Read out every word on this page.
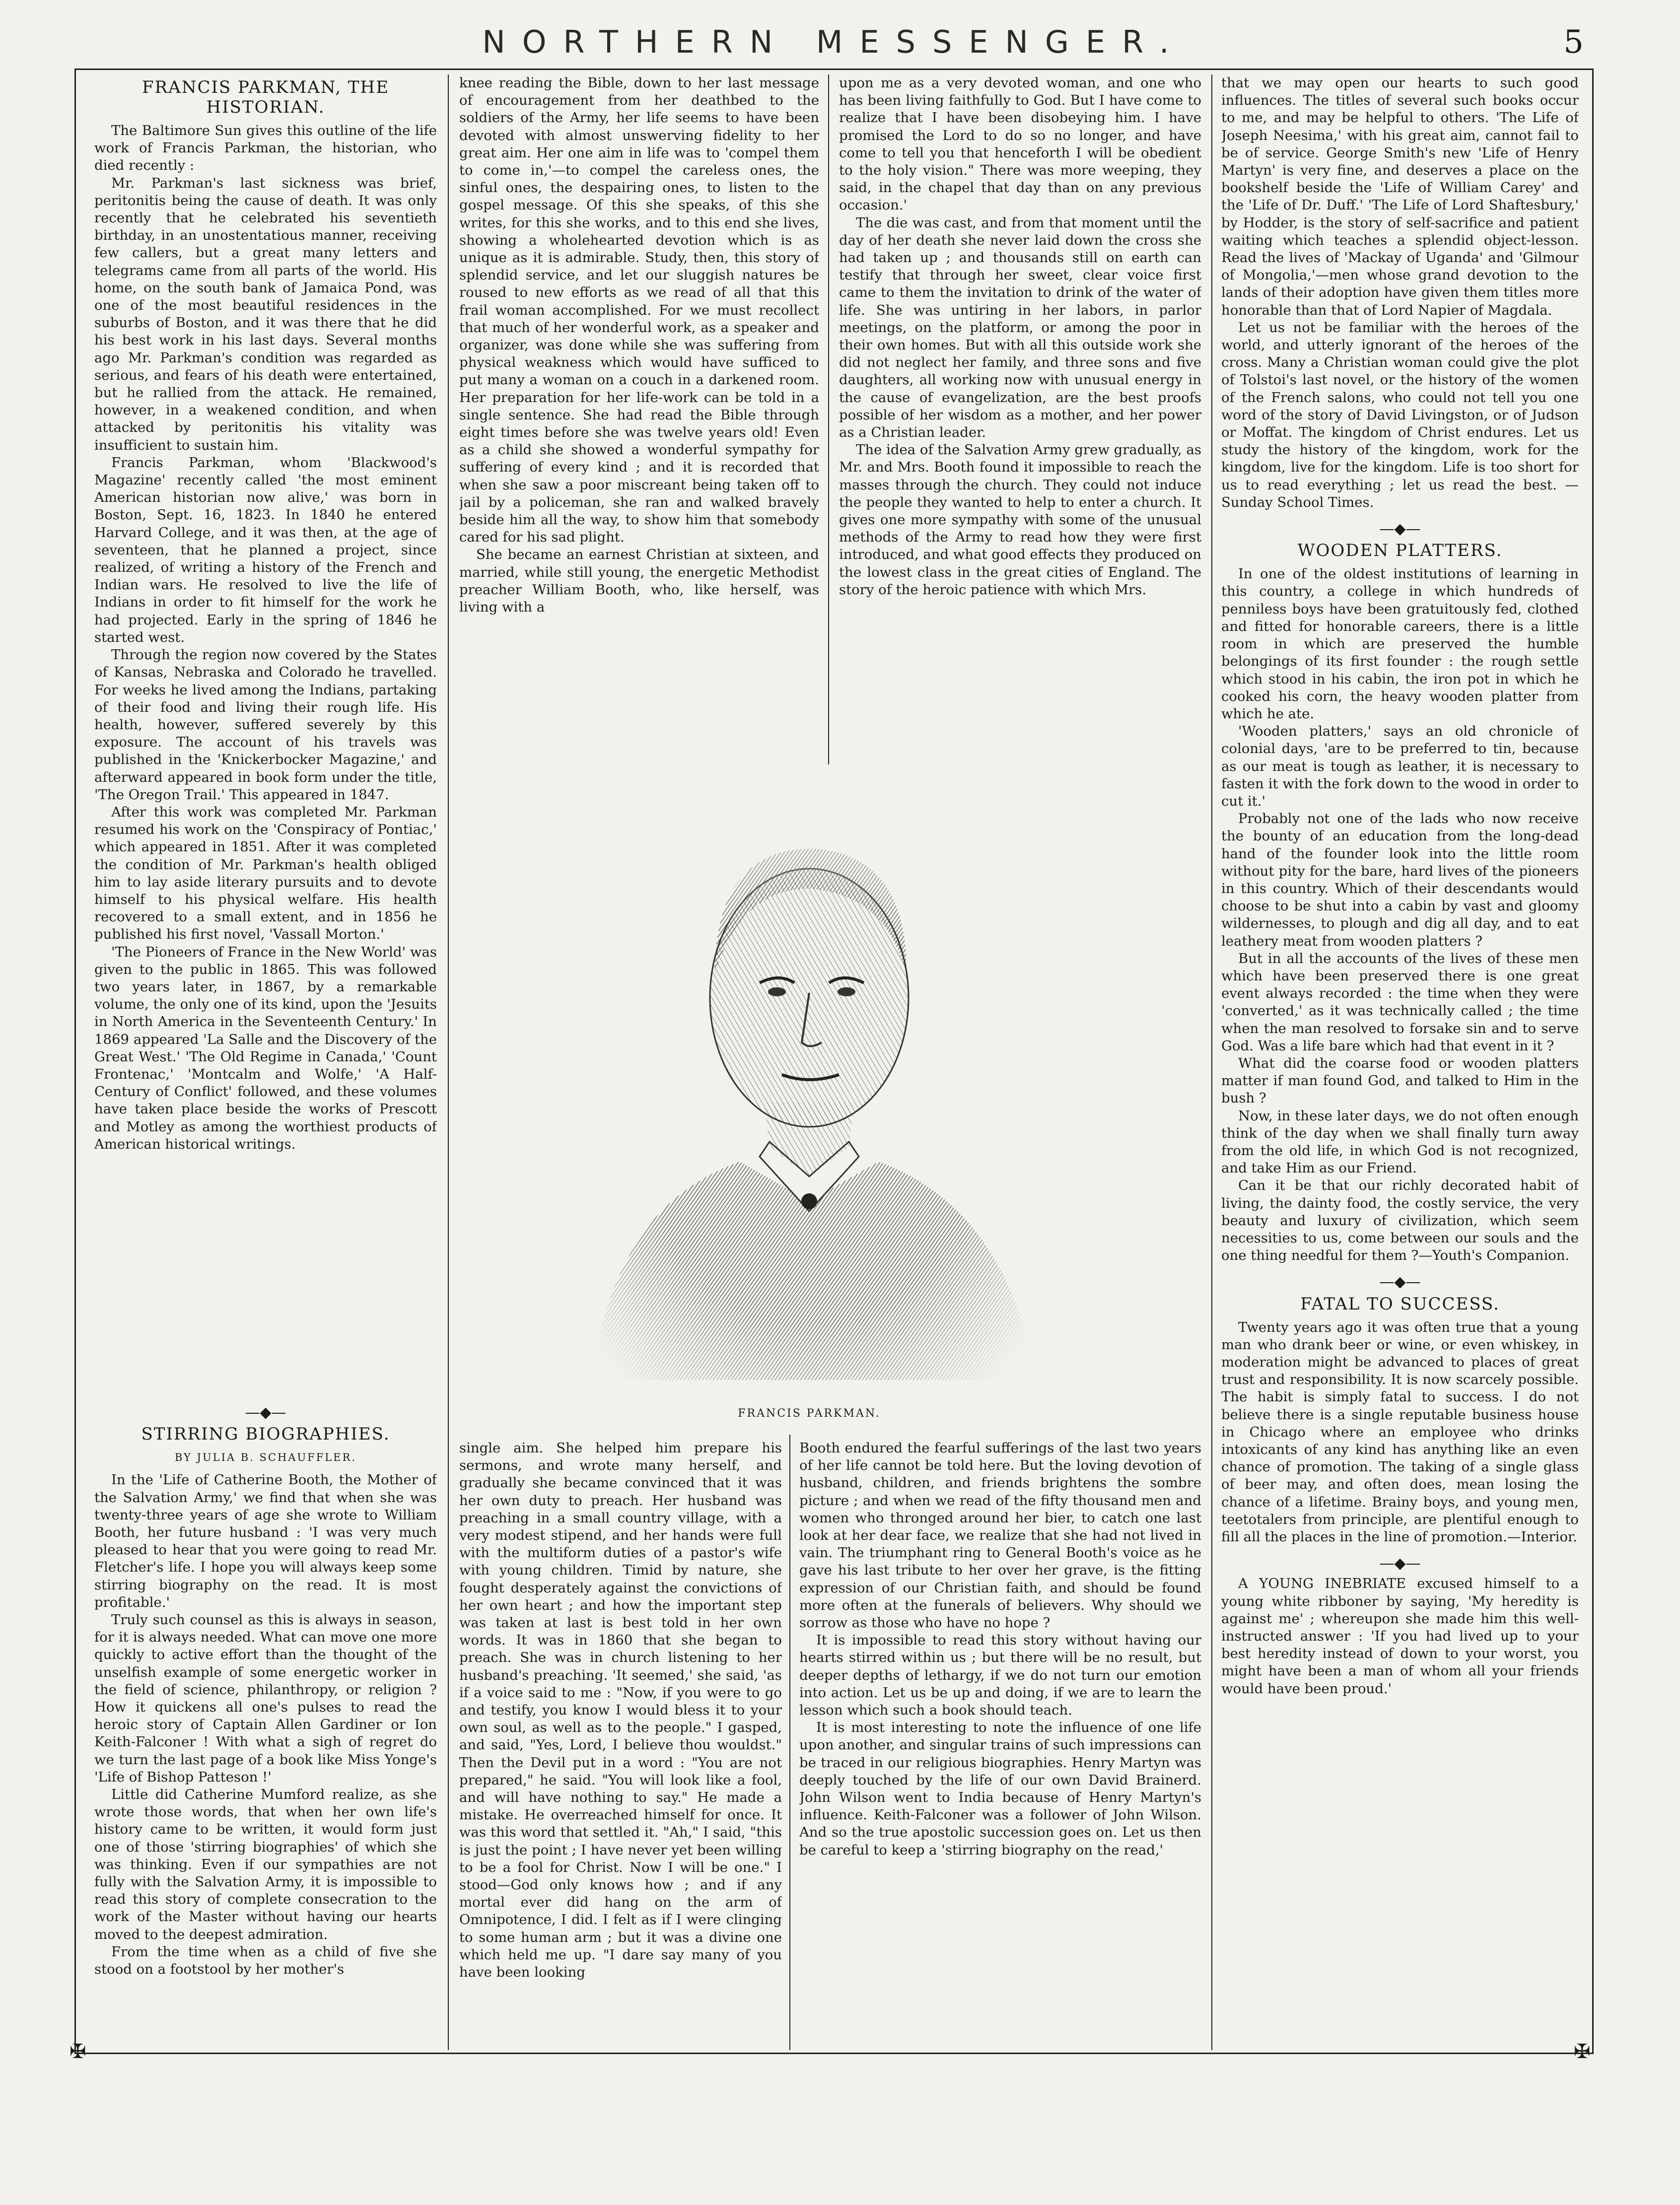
NORTHERN MESSENGER.	5
FRANCIS PARKMAN, THE HISTORIAN.

The Baltimore Sun gives this outline of the life work of Francis Parkman, the historian, who died recently :

Mr. Parkman's last sickness was brief, peritonitis being the cause of death. It was only recently that he celebrated his seventieth birthday, in an unostentatious manner, receiving few callers, but a great many letters and telegrams came from all parts of the world. His home, on the south bank of Jamaica Pond, was one of the most beautiful residences in the suburbs of Boston, and it was there that he did his best work in his last days. Several months ago Mr. Parkman's condition was regarded as serious, and fears of his death were entertained, but he rallied from the attack. He remained, however, in a weakened condition, and when attacked by peritonitis his vitality was insufficient to sustain him.

Francis Parkman, whom 'Blackwood's Magazine' recently called 'the most eminent American historian now alive,' was born in Boston, Sept. 16, 1823. In 1840 he entered Harvard College, and it was then, at the age of seventeen, that he planned a project, since realized, of writing a history of the French and Indian wars. He resolved to live the life of Indians in order to fit himself for the work he had projected. Early in the spring of 1846 he started west.

Through the region now covered by the States of Kansas, Nebraska and Colorado he travelled. For weeks he lived among the Indians, partaking of their food and living their rough life. His health, however, suffered severely by this exposure. The account of his travels was published in the 'Knickerbocker Magazine,' and afterward appeared in book form under the title, 'The Oregon Trail.' This appeared in 1847.

After this work was completed Mr. Parkman resumed his work on the 'Conspiracy of Pontiac,' which appeared in 1851. After it was completed the condition of Mr. Parkman's health obliged him to lay aside literary pursuits and to devote himself to his physical welfare. His health recovered to a small extent, and in 1856 he published his first novel, 'Vassall Morton.'

'The Pioneers of France in the New World' was given to the public in 1865. This was followed two years later, in 1867, by a remarkable volume, the only one of its kind, upon the 'Jesuits in North America in the Seventeenth Century.' In 1869 appeared 'La Salle and the Discovery of the Great West.' 'The Old Regime in Canada,' 'Count Frontenac,' 'Montcalm and Wolfe,' 'A Half-Century of Conflict' followed, and these volumes have taken place beside the works of Prescott and Motley as among the worthiest products of American historical writings.

—◆—
STIRRING BIOGRAPHIES.
BY JULIA B. SCHAUFFLER.

In the 'Life of Catherine Booth, the Mother of the Salvation Army,' we find that when she was twenty-three years of age she wrote to William Booth, her future husband : 'I was very much pleased to hear that you were going to read Mr. Fletcher's life. I hope you will always keep some stirring biography on the read. It is most profitable.'

Truly such counsel as this is always in season, for it is always needed. What can move one more quickly to active effort than the thought of the unselfish example of some energetic worker in the field of science, philanthropy, or religion ? How it quickens all one's pulses to read the heroic story of Captain Allen Gardiner or Ion Keith-Falconer ! With what a sigh of regret do we turn the last page of a book like Miss Yonge's 'Life of Bishop Patteson !'

Little did Catherine Mumford realize, as she wrote those words, that when her own life's history came to be written, it would form just one of those 'stirring biographies' of which she was thinking. Even if our sympathies are not fully with the Salvation Army, it is impossible to read this story of complete consecration to the work of the Master without having our hearts moved to the deepest admiration.

From the time when as a child of five she stood on a footstool by her mother's

knee reading the Bible, down to her last message of encouragement from her deathbed to the soldiers of the Army, her life seems to have been devoted with almost unswerving fidelity to her great aim. Her one aim in life was to 'compel them to come in,'—to compel the careless ones, the sinful ones, the despairing ones, to listen to the gospel message. Of this she speaks, of this she writes, for this she works, and to this end she lives, showing a wholehearted devotion which is as unique as it is admirable. Study, then, this story of splendid service, and let our sluggish natures be roused to new efforts as we read of all that this frail woman accomplished. For we must recollect that much of her wonderful work, as a speaker and organizer, was done while she was suffering from physical weakness which would have sufficed to put many a woman on a couch in a darkened room. Her preparation for her life-work can be told in a single sentence. She had read the Bible through eight times before she was twelve years old! Even as a child she showed a wonderful sympathy for suffering of every kind ; and it is recorded that when she saw a poor miscreant being taken off to jail by a policeman, she ran and walked bravely beside him all the way, to show him that somebody cared for his sad plight.

She became an earnest Christian at sixteen, and married, while still young, the energetic Methodist preacher William Booth, who, like herself, was living with a

upon me as a very devoted woman, and one who has been living faithfully to God. But I have come to realize that I have been disobeying him. I have promised the Lord to do so no longer, and have come to tell you that henceforth I will be obedient to the holy vision." There was more weeping, they said, in the chapel that day than on any previous occasion.'

The die was cast, and from that moment until the day of her death she never laid down the cross she had taken up ; and thousands still on earth can testify that through her sweet, clear voice first came to them the invitation to drink of the water of life. She was untiring in her labors, in parlor meetings, on the platform, or among the poor in their own homes. But with all this outside work she did not neglect her family, and three sons and five daughters, all working now with unusual energy in the cause of evangelization, are the best proofs possible of her wisdom as a mother, and her power as a Christian leader.

The idea of the Salvation Army grew gradually, as Mr. and Mrs. Booth found it impossible to reach the masses through the church. They could not induce the people they wanted to help to enter a church. It gives one more sympathy with some of the unusual methods of the Army to read how they were first introduced, and what good effects they produced on the lowest class in the great cities of England. The story of the heroic patience with which Mrs.

FRANCIS PARKMAN.

single aim. She helped him prepare his sermons, and wrote many herself, and gradually she became convinced that it was her own duty to preach. Her husband was preaching in a small country village, with a very modest stipend, and her hands were full with the multiform duties of a pastor's wife with young children. Timid by nature, she fought desperately against the convictions of her own heart ; and how the important step was taken at last is best told in her own words. It was in 1860 that she began to preach. She was in church listening to her husband's preaching. 'It seemed,' she said, 'as if a voice said to me : "Now, if you were to go and testify, you know I would bless it to your own soul, as well as to the people." I gasped, and said, "Yes, Lord, I believe thou wouldst." Then the Devil put in a word : "You are not prepared," he said. "You will look like a fool, and will have nothing to say." He made a mistake. He overreached himself for once. It was this word that settled it. "Ah," I said, "this is just the point ; I have never yet been willing to be a fool for Christ. Now I will be one." I stood—God only knows how ; and if any mortal ever did hang on the arm of Omnipotence, I did. I felt as if I were clinging to some human arm ; but it was a divine one which held me up. "I dare say many of you have been looking

Booth endured the fearful sufferings of the last two years of her life cannot be told here. But the loving devotion of husband, children, and friends brightens the sombre picture ; and when we read of the fifty thousand men and women who thronged around her bier, to catch one last look at her dear face, we realize that she had not lived in vain. The triumphant ring to General Booth's voice as he gave his last tribute to her over her grave, is the fitting expression of our Christian faith, and should be found more often at the funerals of believers. Why should we sorrow as those who have no hope ?

It is impossible to read this story without having our hearts stirred within us ; but there will be no result, but deeper depths of lethargy, if we do not turn our emotion into action. Let us be up and doing, if we are to learn the lesson which such a book should teach.

It is most interesting to note the influence of one life upon another, and singular trains of such impressions can be traced in our religious biographies. Henry Martyn was deeply touched by the life of our own David Brainerd. John Wilson went to India because of Henry Martyn's influence. Keith-Falconer was a follower of John Wilson. And so the true apostolic succession goes on. Let us then be careful to keep a 'stirring biography on the read,'

that we may open our hearts to such good influences. The titles of several such books occur to me, and may be helpful to others. 'The Life of Joseph Neesima,' with his great aim, cannot fail to be of service. George Smith's new 'Life of Henry Martyn' is very fine, and deserves a place on the bookshelf beside the 'Life of William Carey' and the 'Life of Dr. Duff.' 'The Life of Lord Shaftesbury,' by Hodder, is the story of self-sacrifice and patient waiting which teaches a splendid object-lesson. Read the lives of 'Mackay of Uganda' and 'Gilmour of Mongolia,'—men whose grand devotion to the lands of their adoption have given them titles more honorable than that of Lord Napier of Magdala.

Let us not be familiar with the heroes of the world, and utterly ignorant of the heroes of the cross. Many a Christian woman could give the plot of Tolstoi's last novel, or the history of the women of the French salons, who could not tell you one word of the story of David Livingston, or of Judson or Moffat. The kingdom of Christ endures. Let us study the history of the kingdom, work for the kingdom, live for the kingdom. Life is too short for us to read everything ; let us read the best. —Sunday School Times.

—◆—
WOODEN PLATTERS.

In one of the oldest institutions of learning in this country, a college in which hundreds of penniless boys have been gratuitously fed, clothed and fitted for honorable careers, there is a little room in which are preserved the humble belongings of its first founder : the rough settle which stood in his cabin, the iron pot in which he cooked his corn, the heavy wooden platter from which he ate.

'Wooden platters,' says an old chronicle of colonial days, 'are to be preferred to tin, because as our meat is tough as leather, it is necessary to fasten it with the fork down to the wood in order to cut it.'

Probably not one of the lads who now receive the bounty of an education from the long-dead hand of the founder look into the little room without pity for the bare, hard lives of the pioneers in this country. Which of their descendants would choose to be shut into a cabin by vast and gloomy wildernesses, to plough and dig all day, and to eat leathery meat from wooden platters ?

But in all the accounts of the lives of these men which have been preserved there is one great event always recorded : the time when they were 'converted,' as it was technically called ; the time when the man resolved to forsake sin and to serve God. Was a life bare which had that event in it ?

What did the coarse food or wooden platters matter if man found God, and talked to Him in the bush ?

Now, in these later days, we do not often enough think of the day when we shall finally turn away from the old life, in which God is not recognized, and take Him as our Friend.

Can it be that our richly decorated habit of living, the dainty food, the costly service, the very beauty and luxury of civilization, which seem necessities to us, come between our souls and the one thing needful for them ?—Youth's Companion.

—◆—
FATAL TO SUCCESS.

Twenty years ago it was often true that a young man who drank beer or wine, or even whiskey, in moderation might be advanced to places of great trust and responsibility. It is now scarcely possible. The habit is simply fatal to success. I do not believe there is a single reputable business house in Chicago where an employee who drinks intoxicants of any kind has anything like an even chance of promotion. The taking of a single glass of beer may, and often does, mean losing the chance of a lifetime. Brainy boys, and young men, teetotalers from principle, are plentiful enough to fill all the places in the line of promotion.—Interior.

—◆—

A YOUNG INEBRIATE excused himself to a young white ribboner by saying, 'My heredity is against me' ; whereupon she made him this well-instructed answer : 'If you had lived up to your best heredity instead of down to your worst, you might have been a man of whom all your friends would have been proud.'

✠	✠
